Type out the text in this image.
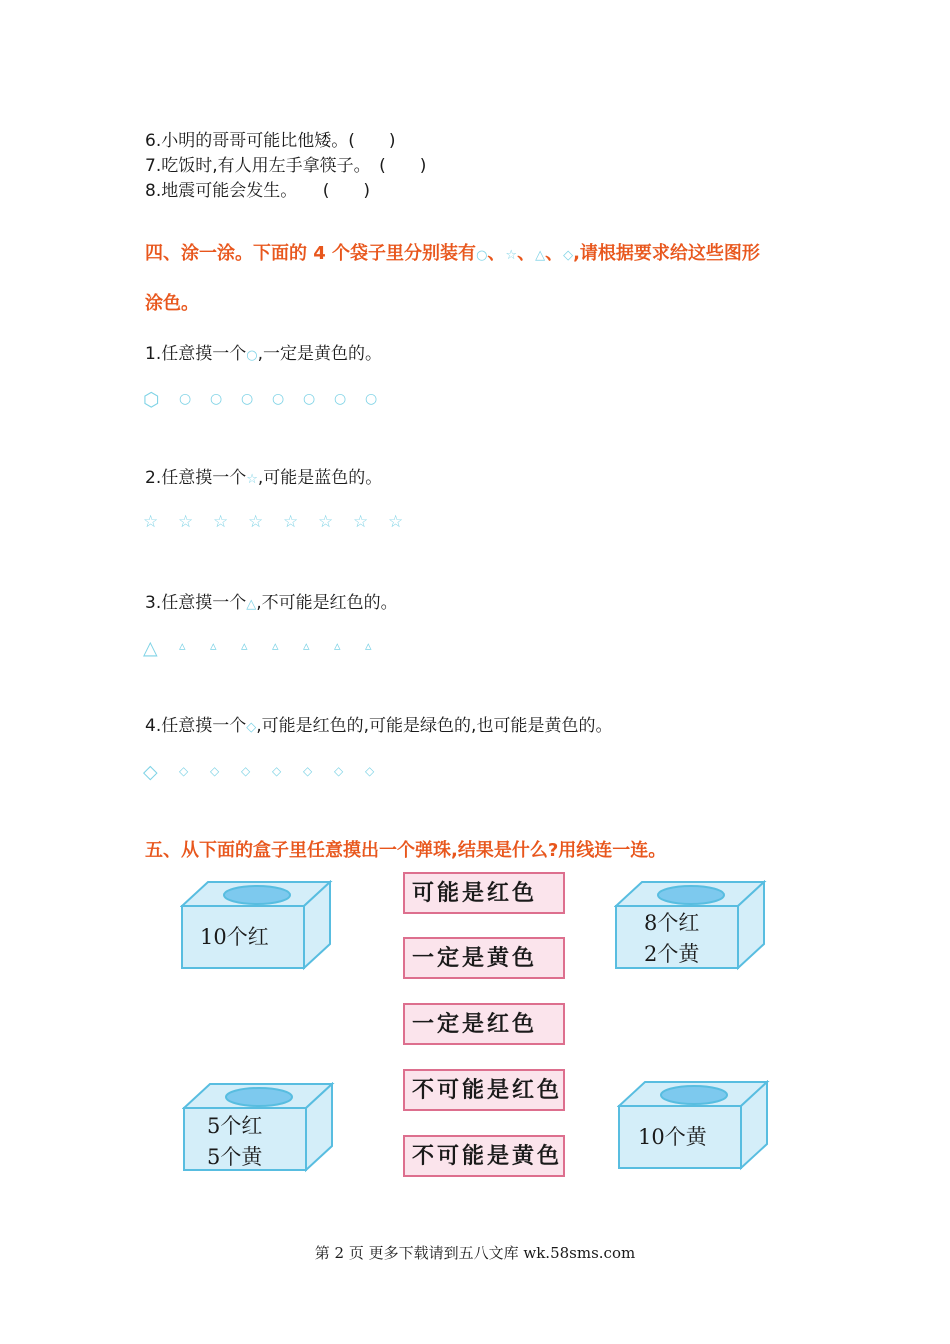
6.小明的哥哥可能比他矮。(　　)
7.吃饭时,有人用左手拿筷子。　(　　)
8.地震可能会发生。　　(　　)
四、涂一涂。下面的 4 个袋子里分别装有○、☆、△、◇,请根据要求给这些图形
涂色。
1.任意摸一个○,一定是黄色的。
⬡ ○ ○ ○ ○ ○ ○ ○
2.任意摸一个☆,可能是蓝色的。
☆ ☆ ☆ ☆ ☆ ☆ ☆ ☆
3.任意摸一个△,不可能是红色的。
△ ▵ ▵ ▵ ▵ ▵ ▵ ▵
4.任意摸一个◇,可能是红色的,可能是绿色的,也可能是黄色的。
◇ ◇ ◇ ◇ ◇ ◇ ◇ ◇
五、从下面的盒子里任意摸出一个弹珠,结果是什么?用线连一连。
10个红
8个红
2个黄
5个红
5个黄
10个黄
可能是红色
一定是黄色
一定是红色
不可能是红色
不可能是黄色
第 2 页 更多下载请到五八文库 wk.58sms.com
